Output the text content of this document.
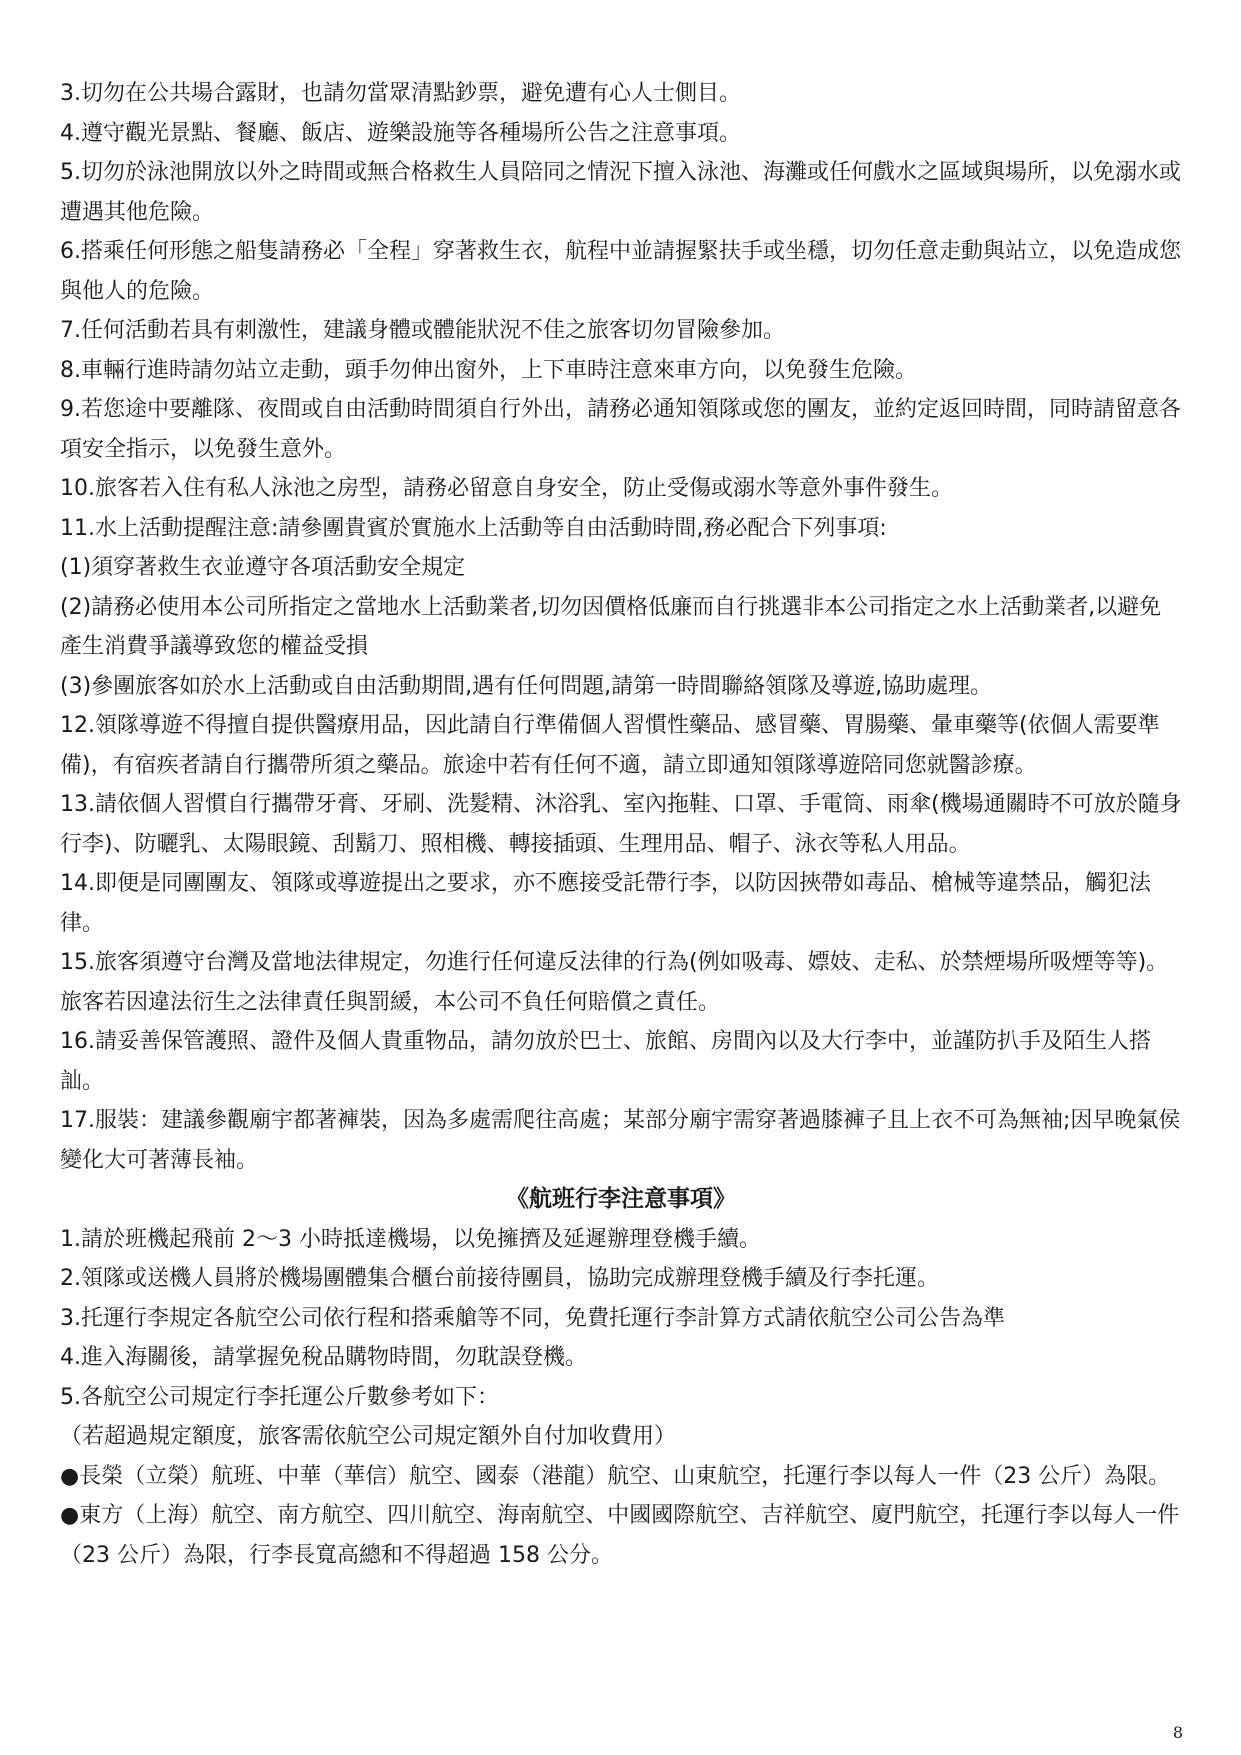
3.切勿在公共場合露財，也請勿當眾清點鈔票，避免遭有心人士側目。

4.遵守觀光景點、餐廳、飯店、遊樂設施等各種場所公告之注意事項。

5.切勿於泳池開放以外之時間或無合格救生人員陪同之情況下擅入泳池、海灘或任何戲水之區域與場所，以免溺水或遭遇其他危險。

6.搭乘任何形態之船隻請務必「全程」穿著救生衣，航程中並請握緊扶手或坐穩，切勿任意走動與站立，以免造成您與他人的危險。

7.任何活動若具有刺激性，建議身體或體能狀況不佳之旅客切勿冒險參加。

8.車輛行進時請勿站立走動，頭手勿伸出窗外，上下車時注意來車方向，以免發生危險。

9.若您途中要離隊、夜間或自由活動時間須自行外出，請務必通知領隊或您的團友，並約定返回時間，同時請留意各項安全指示，以免發生意外。

10.旅客若入住有私人泳池之房型，請務必留意自身安全，防止受傷或溺水等意外事件發生。

11.水上活動提醒注意:請參團貴賓於實施水上活動等自由活動時間,務必配合下列事項:

(1)須穿著救生衣並遵守各項活動安全規定

(2)請務必使用本公司所指定之當地水上活動業者,切勿因價格低廉而自行挑選非本公司指定之水上活動業者,以避免產生消費爭議導致您的權益受損

(3)參團旅客如於水上活動或自由活動期間,遇有任何問題,請第一時間聯絡領隊及導遊,協助處理。

12.領隊導遊不得擅自提供醫療用品，因此請自行準備個人習慣性藥品、感冒藥、胃腸藥、暈車藥等(依個人需要準備)，有宿疾者請自行攜帶所須之藥品。旅途中若有任何不適，請立即通知領隊導遊陪同您就醫診療。

13.請依個人習慣自行攜帶牙膏、牙刷、洗髮精、沐浴乳、室內拖鞋、口罩、手電筒、雨傘(機場通關時不可放於隨身行李)、防曬乳、太陽眼鏡、刮鬍刀、照相機、轉接插頭、生理用品、帽子、泳衣等私人用品。

14.即便是同團團友、領隊或導遊提出之要求，亦不應接受託帶行李，以防因挾帶如毒品、槍械等違禁品，觸犯法律。

15.旅客須遵守台灣及當地法律規定，勿進行任何違反法律的行為(例如吸毒、嫖妓、走私、於禁煙場所吸煙等等)。旅客若因違法衍生之法律責任與罰緩，本公司不負任何賠償之責任。

16.請妥善保管護照、證件及個人貴重物品，請勿放於巴士、旅館、房間內以及大行李中，並謹防扒手及陌生人搭訕。

17.服裝：建議參觀廟宇都著褲裝，因為多處需爬往高處；某部分廟宇需穿著過膝褲子且上衣不可為無袖;因早晚氣侯變化大可著薄長袖。

《航班行李注意事項》

1.請於班機起飛前 2～3 小時抵達機場，以免擁擠及延遲辦理登機手續。

2.領隊或送機人員將於機場團體集合櫃台前接待團員，協助完成辦理登機手續及行李托運。

3.托運行李規定各航空公司依行程和搭乘艙等不同，免費托運行李計算方式請依航空公司公告為準

4.進入海關後，請掌握免稅品購物時間，勿耽誤登機。

5.各航空公司規定行李托運公斤數參考如下：

（若超過規定額度，旅客需依航空公司規定額外自付加收費用）

●長榮（立榮）航班、中華（華信）航空、國泰（港龍）航空、山東航空，托運行李以每人一件（23 公斤）為限。

●東方（上海）航空、南方航空、四川航空、海南航空、中國國際航空、吉祥航空、廈門航空，托運行李以每人一件（23 公斤）為限，行李長寬高總和不得超過 158 公分。

8
